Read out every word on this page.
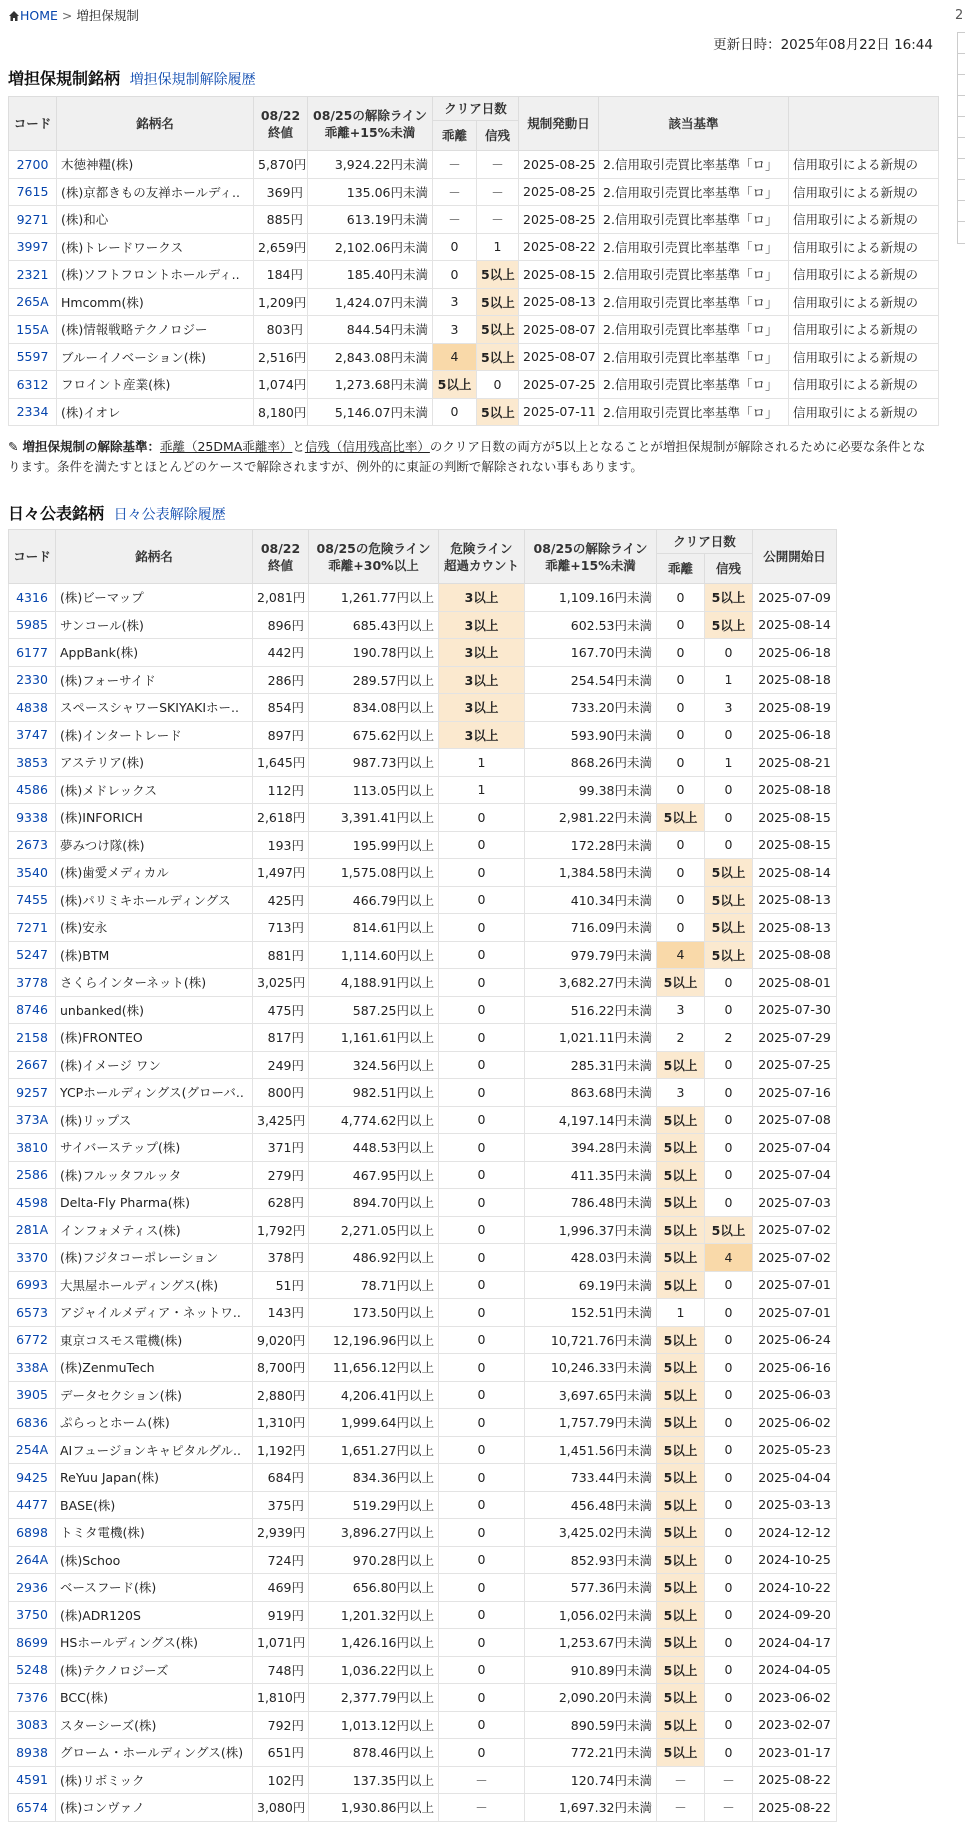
HOME > 増担保規制	2
更新日時：2025年08月22日 16:44
増担保規制銘柄 増担保規制解除履歴
コード	銘柄名	08/22
終値	08/25の解除ライン
乖離+15%未満	クリア日数		規制発動日	該当基準	
				乖離	信残			

2700	木徳神糧(株)	5,870円	3,924.22円未満	－	－	2025-08-25	2.信用取引売買比率基準「ロ」	信用取引による新規の

7615	(株)京都きもの友禅ホールディ..	369円	135.06円未満	－	－	2025-08-25	2.信用取引売買比率基準「ロ」	信用取引による新規の

9271	(株)和心	885円	613.19円未満	－	－	2025-08-25	2.信用取引売買比率基準「ロ」	信用取引による新規の

3997	(株)トレードワークス	2,659円	2,102.06円未満	0	1	2025-08-22	2.信用取引売買比率基準「ロ」	信用取引による新規の

2321	(株)ソフトフロントホールディ..	184円	185.40円未満	0	5以上	2025-08-15	2.信用取引売買比率基準「ロ」	信用取引による新規の

265A	Hmcomm(株)	1,209円	1,424.07円未満	3	5以上	2025-08-13	2.信用取引売買比率基準「ロ」	信用取引による新規の

155A	(株)情報戦略テクノロジー	803円	844.54円未満	3	5以上	2025-08-07	2.信用取引売買比率基準「ロ」	信用取引による新規の

5597	ブルーイノベーション(株)	2,516円	2,843.08円未満	4	5以上	2025-08-07	2.信用取引売買比率基準「ロ」	信用取引による新規の

6312	フロイント産業(株)	1,074円	1,273.68円未満	5以上	0	2025-07-25	2.信用取引売買比率基準「ロ」	信用取引による新規の

2334	(株)イオレ	8,180円	5,146.07円未満	0	5以上	2025-07-11	2.信用取引売買比率基準「ロ」	信用取引による新規の
✎ 増担保規制の解除基準：乖離（25DMA乖離率）と信残（信用残高比率）のクリア日数の両方が5以上となることが増担保規制が解除されるために必要な条件となります。条件を満たすとほとんどのケースで解除されますが、例外的に東証の判断で解除されない事もあります。
日々公表銘柄 日々公表解除履歴
コード	銘柄名	08/22
終値	08/25の危険ライン
乖離+30%以上	危険ライン
超過カウント	08/25の解除ライン
乖離+15%未満	クリア日数		公開開始日
						乖離	信残	

4316	(株)ビーマップ	2,081円	1,261.77円以上	3以上	1,109.16円未満	0	5以上	2025-07-09

5985	サンコール(株)	896円	685.43円以上	3以上	602.53円未満	0	5以上	2025-08-14

6177	AppBank(株)	442円	190.78円以上	3以上	167.70円未満	0	0	2025-06-18

2330	(株)フォーサイド	286円	289.57円以上	3以上	254.54円未満	0	1	2025-08-18

4838	スペースシャワーSKIYAKIホー..	854円	834.08円以上	3以上	733.20円未満	0	3	2025-08-19

3747	(株)インタートレード	897円	675.62円以上	3以上	593.90円未満	0	0	2025-06-18

3853	アステリア(株)	1,645円	987.73円以上	1	868.26円未満	0	1	2025-08-21

4586	(株)メドレックス	112円	113.05円以上	1	99.38円未満	0	0	2025-08-18

9338	(株)INFORICH	2,618円	3,391.41円以上	0	2,981.22円未満	5以上	0	2025-08-15

2673	夢みつけ隊(株)	193円	195.99円以上	0	172.28円未満	0	0	2025-08-15

3540	(株)歯愛メディカル	1,497円	1,575.08円以上	0	1,384.58円未満	0	5以上	2025-08-14

7455	(株)パリミキホールディングス	425円	466.79円以上	0	410.34円未満	0	5以上	2025-08-13

7271	(株)安永	713円	814.61円以上	0	716.09円未満	0	5以上	2025-08-13

5247	(株)BTM	881円	1,114.60円以上	0	979.79円未満	4	5以上	2025-08-08

3778	さくらインターネット(株)	3,025円	4,188.91円以上	0	3,682.27円未満	5以上	0	2025-08-01

8746	unbanked(株)	475円	587.25円以上	0	516.22円未満	3	0	2025-07-30

2158	(株)FRONTEO	817円	1,161.61円以上	0	1,021.11円未満	2	2	2025-07-29

2667	(株)イメージ ワン	249円	324.56円以上	0	285.31円未満	5以上	0	2025-07-25

9257	YCPホールディングス(グローバ..	800円	982.51円以上	0	863.68円未満	3	0	2025-07-16

373A	(株)リップス	3,425円	4,774.62円以上	0	4,197.14円未満	5以上	0	2025-07-08

3810	サイバーステップ(株)	371円	448.53円以上	0	394.28円未満	5以上	0	2025-07-04

2586	(株)フルッタフルッタ	279円	467.95円以上	0	411.35円未満	5以上	0	2025-07-04

4598	Delta-Fly Pharma(株)	628円	894.70円以上	0	786.48円未満	5以上	0	2025-07-03

281A	インフォメティス(株)	1,792円	2,271.05円以上	0	1,996.37円未満	5以上	5以上	2025-07-02

3370	(株)フジタコーポレーション	378円	486.92円以上	0	428.03円未満	5以上	4	2025-07-02

6993	大黒屋ホールディングス(株)	51円	78.71円以上	0	69.19円未満	5以上	0	2025-07-01

6573	アジャイルメディア・ネットワ..	143円	173.50円以上	0	152.51円未満	1	0	2025-07-01

6772	東京コスモス電機(株)	9,020円	12,196.96円以上	0	10,721.76円未満	5以上	0	2025-06-24

338A	(株)ZenmuTech	8,700円	11,656.12円以上	0	10,246.33円未満	5以上	0	2025-06-16

3905	データセクション(株)	2,880円	4,206.41円以上	0	3,697.65円未満	5以上	0	2025-06-03

6836	ぷらっとホーム(株)	1,310円	1,999.64円以上	0	1,757.79円未満	5以上	0	2025-06-02

254A	AIフュージョンキャピタルグル..	1,192円	1,651.27円以上	0	1,451.56円未満	5以上	0	2025-05-23

9425	ReYuu Japan(株)	684円	834.36円以上	0	733.44円未満	5以上	0	2025-04-04

4477	BASE(株)	375円	519.29円以上	0	456.48円未満	5以上	0	2025-03-13

6898	トミタ電機(株)	2,939円	3,896.27円以上	0	3,425.02円未満	5以上	0	2024-12-12

264A	(株)Schoo	724円	970.28円以上	0	852.93円未満	5以上	0	2024-10-25

2936	ベースフード(株)	469円	656.80円以上	0	577.36円未満	5以上	0	2024-10-22

3750	(株)ADR120S	919円	1,201.32円以上	0	1,056.02円未満	5以上	0	2024-09-20

8699	HSホールディングス(株)	1,071円	1,426.16円以上	0	1,253.67円未満	5以上	0	2024-04-17

5248	(株)テクノロジーズ	748円	1,036.22円以上	0	910.89円未満	5以上	0	2024-04-05

7376	BCC(株)	1,810円	2,377.79円以上	0	2,090.20円未満	5以上	0	2023-06-02

3083	スターシーズ(株)	792円	1,013.12円以上	0	890.59円未満	5以上	0	2023-02-07

8938	グローム・ホールディングス(株)	651円	878.46円以上	0	772.21円未満	5以上	0	2023-01-17

4591	(株)リボミック	102円	137.35円以上	－	120.74円未満	－	－	2025-08-22

6574	(株)コンヴァノ	3,080円	1,930.86円以上	－	1,697.32円未満	－	－	2025-08-22
